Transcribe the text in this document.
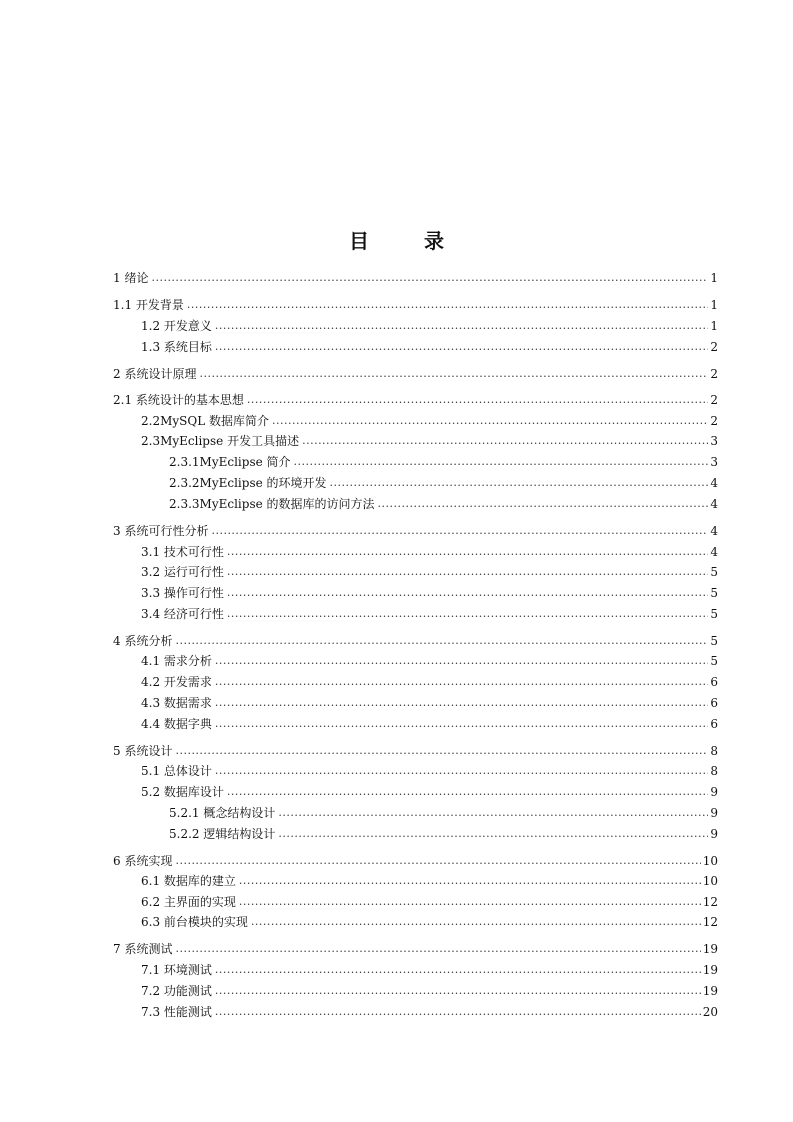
目 录
1 绪论 .....	1
1.1 开发背景 .....	1
1.2 开发意义 .....	1
1.3 系统目标 .....	2
2 系统设计原理 .....	2
2.1 系统设计的基本思想 .....	2
2.2MySQL 数据库简介 .....	2
2.3MyEclipse 开发工具描述 .....	3
2.3.1MyEclipse 简介 .....	3
2.3.2MyEclipse 的环境开发 .....	4
2.3.3MyEclipse 的数据库的访问方法 .....	4
3 系统可行性分析 .....	4
3.1 技术可行性 .....	4
3.2 运行可行性 .....	5
3.3 操作可行性 .....	5
3.4 经济可行性 .....	5
4 系统分析 .....	5
4.1 需求分析 .....	5
4.2 开发需求 .....	6
4.3 数据需求 .....	6
4.4 数据字典 .....	6
5 系统设计 .....	8
5.1 总体设计 .....	8
5.2 数据库设计 .....	9
5.2.1 概念结构设计 .....	9
5.2.2 逻辑结构设计 .....	9
6 系统实现 .....	10
6.1 数据库的建立 .....	10
6.2 主界面的实现 .....	12
6.3 前台模块的实现 .....	12
7 系统测试 .....	19
7.1 环境测试 .....	19
7.2 功能测试 .....	19
7.3 性能测试 .....	20
